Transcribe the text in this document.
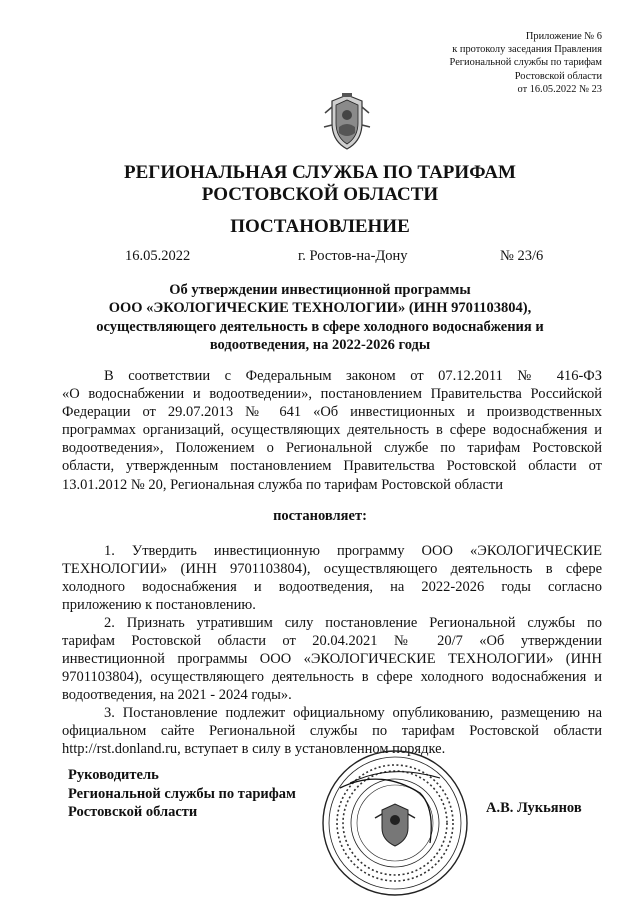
Приложение № 6
к протоколу заседания Правления
Региональной службы по тарифам
Ростовской области
от 16.05.2022 № 23
РЕГИОНАЛЬНАЯ СЛУЖБА ПО ТАРИФАМ
РОСТОВСКОЙ ОБЛАСТИ
ПОСТАНОВЛЕНИЕ
16.05.2022	г. Ростов-на-Дону	№ 23/6
Об утверждении инвестиционной программы
ООО «ЭКОЛОГИЧЕСКИЕ ТЕХНОЛОГИИ» (ИНН 9701103804),
осуществляющего деятельность в сфере холодного водоснабжения и
водоотведения, на 2022-2026 годы
В соответствии с Федеральным законом от 07.12.2011 № 416-ФЗ
«О водоснабжении и водоотведении», постановлением Правительства Российской
Федерации от 29.07.2013 № 641 «Об инвестиционных и производственных
программах организаций, осуществляющих деятельность в сфере водоснабжения и
водоотведения», Положением о Региональной службе по тарифам Ростовской
области, утвержденным постановлением Правительства Ростовской области от
13.01.2012 № 20, Региональная служба по тарифам Ростовской области
постановляет:
1. Утвердить инвестиционную программу ООО «ЭКОЛОГИЧЕСКИЕ
ТЕХНОЛОГИИ» (ИНН 9701103804), осуществляющего деятельность в сфере
холодного водоснабжения и водоотведения, на 2022-2026 годы согласно
приложению к постановлению.
2. Признать утратившим силу постановление Региональной службы по
тарифам Ростовской области от 20.04.2021 № 20/7 «Об утверждении
инвестиционной программы ООО «ЭКОЛОГИЧЕСКИЕ ТЕХНОЛОГИИ» (ИНН
9701103804), осуществляющего деятельность в сфере холодного водоснабжения и
водоотведения, на 2021 - 2024 годы».
3. Постановление подлежит официальному опубликованию, размещению на
официальном сайте Региональной службы по тарифам Ростовской области
http://rst.donland.ru, вступает в силу в установленном порядке.
Руководитель
Региональной службы по тарифам
Ростовской области	А.В. Лукьянов
